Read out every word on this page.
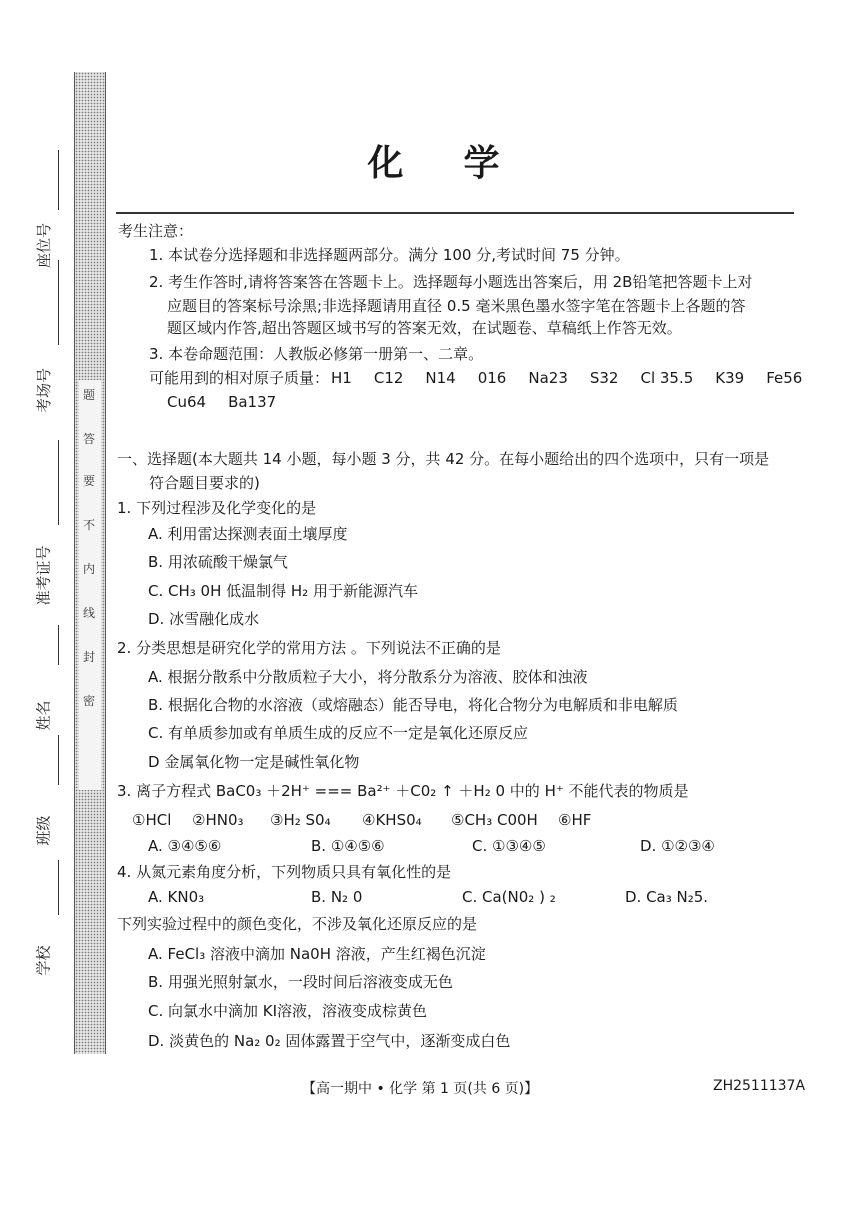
题
答
要
不
内
线
封
密
座位号
考场号
准考证号
姓名
班级
学校
化学
考生注意：
1. 本试卷分选择题和非选择题两部分。满分 100 分,考试时间 75 分钟。
2. 考生作答时,请将答案答在答题卡上。选择题每小题选出答案后，用 2B铅笔把答题卡上对
应题目的答案标号涂黑;非选择题请用直径 0.5 毫米黑色墨水签字笔在答题卡上各题的答
题区域内作答,超出答题区域书写的答案无效，在试题卷、草稿纸上作答无效。
3. 本卷命题范围：人教版必修第一册第一、二章。
可能用到的相对原子质量： H1 C12 N14 016 Na23 S32 Cl 35.5 K39 Fe56
Cu64 Ba137
一、选择题(本大题共 14 小题，每小题 3 分，共 42 分。在每小题给出的四个选项中，只有一项是
符合题目要求的)
1. 下列过程涉及化学变化的是
A. 利用雷达探测表面土壤厚度
B. 用浓硫酸干燥氯气
C. CH₃ 0H 低温制得 H₂ 用于新能源汽车
D. 冰雪融化成水
2. 分类思想是研究化学的常用方法 。下列说法不正确的是
A. 根据分散系中分散质粒子大小，将分散系分为溶液、胶体和浊液
B. 根据化合物的水溶液（或熔融态）能否导电，将化合物分为电解质和非电解质
C. 有单质参加或有单质生成的反应不一定是氧化还原反应
D 金属氧化物一定是碱性氧化物
3. 离子方程式 BaC0₃ ＋2H⁺ === Ba²⁺ ＋C0₂ ↑ ＋H₂ 0 中的 H⁺ 不能代表的物质是
①HCl ②HN0₃ ③H₂ S0₄ ④KHS0₄ ⑤CH₃ C00H ⑥HF
A. ③④⑤⑥	B. ①④⑤⑥	C. ①③④⑤	D. ①②③④
4. 从氮元素角度分析，下列物质只具有氧化性的是
A. KN0₃	B. N₂ 0	C. Ca(N0₂ ) ₂	D. Ca₃ N₂5.
下列实验过程中的颜色变化，不涉及氧化还原反应的是
A. FeCl₃ 溶液中滴加 Na0H 溶液，产生红褐色沉淀
B. 用强光照射氯水，一段时间后溶液变成无色
C. 向氯水中滴加 KI溶液，溶液变成棕黄色
D. 淡黄色的 Na₂ 0₂ 固体露置于空气中，逐渐变成白色
【高一期中 • 化学 第 1 页(共 6 页)】	ZH2511137A
